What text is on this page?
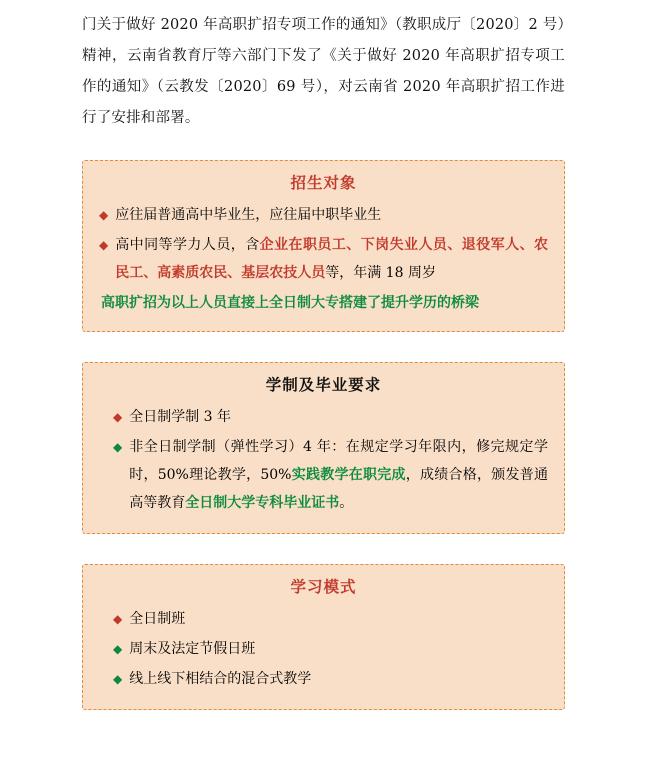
门关于做好 2020 年高职扩招专项工作的通知》（教职成厅〔2020〕2 号）精神，云南省教育厅等六部门下发了《关于做好 2020 年高职扩招专项工作的通知》（云教发〔2020〕69 号），对云南省 2020 年高职扩招工作进行了安排和部署。

招生对象
◆ 应往届普通高中毕业生，应往届中职毕业生
◆ 高中同等学力人员，含企业在职员工、下岗失业人员、退役军人、农民工、高素质农民、基层农技人员等，年满 18 周岁
高职扩招为以上人员直接上全日制大专搭建了提升学历的桥梁
学制及毕业要求
◆ 全日制学制 3 年
◆ 非全日制学制（弹性学习）4 年：在规定学习年限内，修完规定学时，50%理论教学，50%实践教学在职完成，成绩合格，颁发普通高等教育全日制大学专科毕业证书。
学习模式
◆ 全日制班
◆ 周末及法定节假日班
◆ 线上线下相结合的混合式教学
